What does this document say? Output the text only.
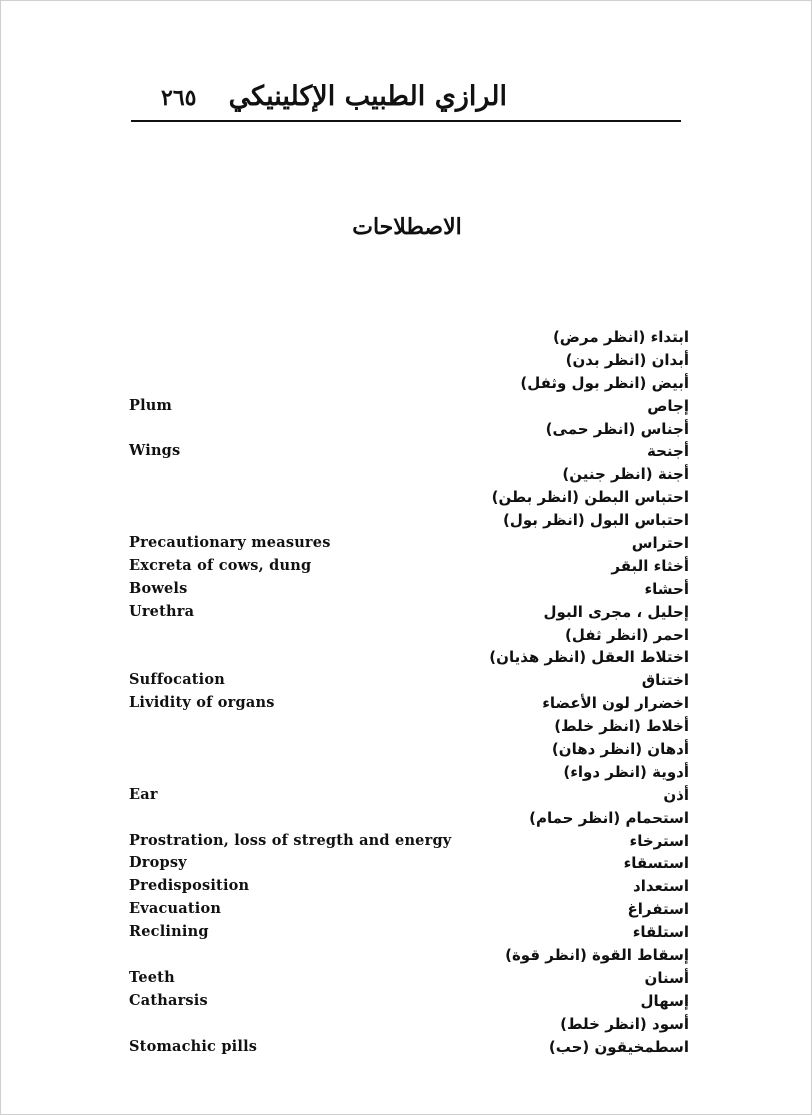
٢٦٥ الرازي الطبيب الإكلينيكي
الاصطلاحات
ابتداء (انظر مرض)
أبدان (انظر بدن)
أبيض (انظر بول وثفل)
Plum	إجاص
أجناس (انظر حمى)
Wings	أجنحة
أجنة (انظر جنين)
احتباس البطن (انظر بطن)
احتباس البول (انظر بول)
Precautionary measures	احتراس
Excreta of cows, dung	أخثاء البقر
Bowels	أحشاء
Urethra	إحليل ، مجرى البول
احمر (انظر ثفل)
اختلاط العقل (انظر هذيان)
Suffocation	اختناق
Lividity of organs	اخضرار لون الأعضاء
أخلاط (انظر خلط)
أدهان (انظر دهان)
أدوية (انظر دواء)
Ear	أذن
استحمام (انظر حمام)
Prostration, loss of stregth and energy	استرخاء
Dropsy	استسقاء
Predisposition	استعداد
Evacuation	استفراغ
Reclining	استلقاء
إسقاط القوة (انظر قوة)
Teeth	أسنان
Catharsis	إسهال
أسود (انظر خلط)
Stomachic pills	اسطمخيقون (حب)
